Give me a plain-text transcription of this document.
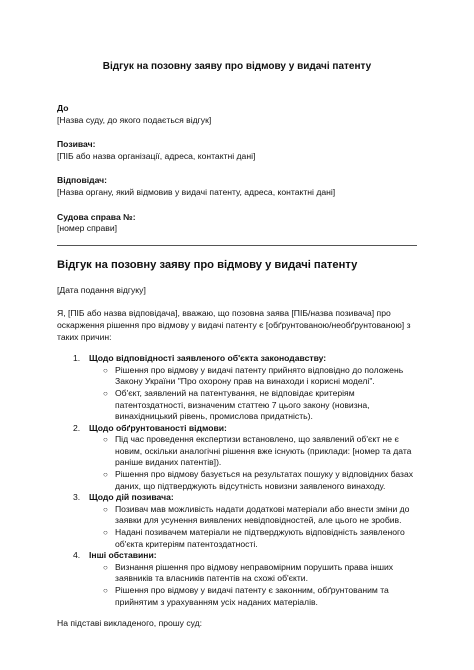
Відгук на позовну заяву про відмову у видачі патенту

До
[Назва суду, до якого подається відгук]
Позивач:
[ПІБ або назва організації, адреса, контактні дані]
Відповідач:
[Назва органу, який відмовив у видачі патенту, адреса, контактні дані]
Судова справа №:
[номер справи]
Відгук на позовну заяву про відмову у видачі патенту
[Дата подання відгуку]
Я, [ПІБ або назва відповідача], вважаю, що позовна заява [ПІБ/назва позивача] про оскарження рішення про відмову у видачі патенту є [обґрунтованою/необґрунтованою] з таких причин:
1. Щодо відповідності заявленого об'єкта законодавству:
○ Рішення про відмову у видачі патенту прийнято відповідно до положень Закону України "Про охорону прав на винаходи і корисні моделі".
○ Об'єкт, заявлений на патентування, не відповідає критеріям патентоздатності, визначеним статтею 7 цього закону (новизна, винахідницький рівень, промислова придатність).
2. Щодо обґрунтованості відмови:
○ Під час проведення експертизи встановлено, що заявлений об'єкт не є новим, оскільки аналогічні рішення вже існують (приклади: [номер та дата раніше виданих патентів]).
○ Рішення про відмову базується на результатах пошуку у відповідних базах даних, що підтверджують відсутність новизни заявленого винаходу.
3. Щодо дій позивача:
○ Позивач мав можливість надати додаткові матеріали або внести зміни до заявки для усунення виявлених невідповідностей, але цього не зробив.
○ Надані позивачем матеріали не підтверджують відповідність заявленого об'єкта критеріям патентоздатності.
4. Інші обставини:
○ Визнання рішення про відмову неправомірним порушить права інших заявників та власників патентів на схожі об'єкти.
○ Рішення про відмову у видачі патенту є законним, обґрунтованим та прийнятим з урахуванням усіх наданих матеріалів.
На підставі викладеного, прошу суд:
